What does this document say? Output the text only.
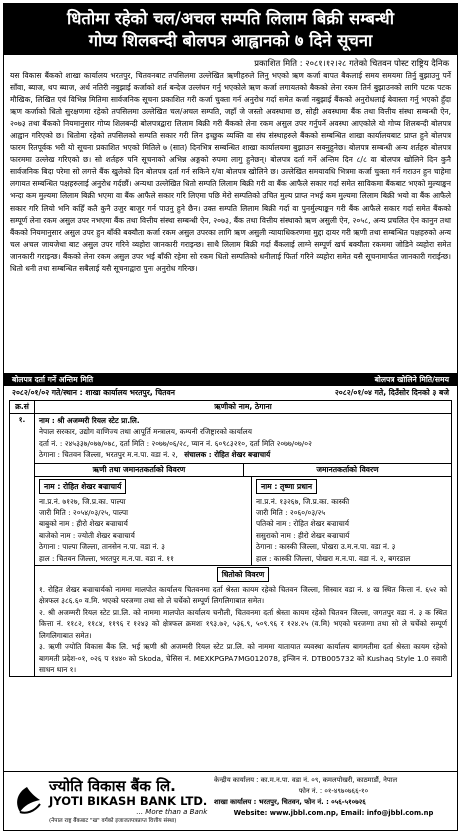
धितोमा रहेको चल/अचल सम्पति लिलाम बिक्री सम्बन्धी
गोप्य शिलबन्दी बोलपत्र आह्वानको ७ दिने सूचना
प्रकाशित मिति : २०८१।१२।२८ गतेको चितवन पोस्ट राष्ट्रिय दैनिक
यस विकास बैंकको शाखा कार्यालय भरतपुर, चितवनबाट तपसिलमा उल्लेखित ऋणीहरुले लिनु भएको ऋण कर्जा बापत बैकलाई समय समयमा तिर्नु बुझाउनु पर्ने साँवा, ब्याज, थप ब्याज, अर्थ नतिरी नबुझाई कर्जाको शर्त बन्देज उल्लंघन गर्नु भएकोले ऋण कर्जा लगायतको बैकको लेना रकम तिर्न बुझाउनको लागि पटक पटक मौखिक, लिखित एवं विभिन्न मितिमा सार्वजनिक सूचना प्रकाशित गरी कर्जा चुक्ता गर्न अनुरोध गर्दा समेत कर्जा नबुझाई बैंकको अनुरोधलाई बेवास्ता गर्नु भएको हुँदा ऋण कर्जाको धितो सुरक्षणमा रहेको तपसिलमा उल्लेखित चल/अचल सम्पति, जहाँ जे जस्तो अवस्थामा छ, सोही अवस्थामा बैंक तथा वित्तीय संस्था सम्बन्धी ऐन, २०७३ तथा बैंकको नियमानुसार गोप्य शिलबन्दी बोलपत्रद्वारा लिलाम बिक्री गरी बैंकको लेना रकम असुल उपर गर्नुपर्ने अवस्था आएकोले यो गोप्य शिलबन्दी बोलपत्र आह्वान गरिएको छ। धितोमा रहेको तपसिलको सम्पति सकार गरी लिन इच्छुक व्यक्ति वा संघ संस्थाहरुले बैंकको सम्बन्धित शाखा कार्यालयबाट प्राप्त हुने बोलपत्र फारम रितपूर्वक भरी यो सूचना प्रकाशित भएको मितिले ७ (सात) दिनभित्र सम्बन्धित शाखा कार्यालयमा बुझाउन सक्नुहुनेछ। बोलपत्र सम्बन्धी अन्य शर्तहरु बोलपत्र फारममा उल्लेख गरिएको छ। सो शर्तहरु पनि सूचनाको अभिन्न अङ्गको रुपमा लागु हुनेछन्। बोलपत्र दर्ता गर्ने अन्तिम दिन ८/८ वा बोलपत्र खोलिने दिन कुनै सार्वजनिक बिदा परेमा सो लगत्ते बैंक खुलेको दिन बोलपत्र दर्ता गर्न सकिने र/वा बोलपत्र खोलिने छ। उल्लेखित समयावधि भित्रमा कर्जा चुक्ता गर्न गराउन हुन चाहेमा लगायत सम्बन्धित पक्षहरुलाई अनुरोध गर्दछौं। अन्यथा उल्लेखित धितो सम्पति लिलाम बिक्री गरी वा बैंक आफैले सकार गर्दा समेत साविकमा बैंकबाट भएको मुल्याङ्कन भन्दा कम मुल्यमा लिलाम बिक्री भएमा वा बैंक आफैले सकार गरि लिएमा पछि मेरो सम्पतिको उचित मुल्य प्राप्त नभई कम मुल्यमा लिलाम बिक्री भयो वा बैंक आफैले सकार गरि लियो भनि कहिँ कतै कुनै उजुर बाजुर गर्न पाउनु हुने छैन। उक्त सम्पति लिलाम बिक्री गर्दा वा पुनर्मुल्याङ्कन गरी बैंक आफैले सकार गर्दा समेत बैंकको सम्पूर्ण लेना रकम असुल उपर नभएमा बैंक तथा वित्तीय संस्था सम्बन्धी ऐन, २०७३, बैंक तथा वित्तीय संस्थाको ऋण असुली ऐन, २०५८, अन्य प्रचलित ऐन कानुन तथा बैंकको नियमानुसार असुल उपर हुन बाँकी बक्यौता कर्जा रकम असुल उपरका लागि ऋण असुली न्यायाधिकरणमा मुद्दा दायर गरी ऋणी तथा सम्बन्धित पक्षहरुको अन्य चल अचल जायजेथा बाट असुल उपर गरिने व्यहोरा जानकारी गराइन्छ। साथै लिलाम बिक्री गर्दा बैंकलाई लाग्ने सम्पूर्ण खर्च बक्यौता रकममा जोडिने व्यहोरा समेत जानकारी गराइन्छ। बैंकको लेना रकम असुल उपर भई बाँकी रहेमा सो रकम धितो सम्पतिको धनीलाई फिर्ता गरिने व्यहोरा समेत यसै सूचनामार्फत जानकारी गराईन्छ। धितो धनी तथा सम्बन्धित सबैलाई यसै सूचनाद्वारा पुनः अनुरोध गरिन्छ।
बोलपत्र दर्ता गर्ने अन्तिम मिति	बोलपत्र खोलिने मिति/समय
२०८२/०१/०२ गते/स्थान : शाखा कार्यालय भरतपुर, चितवन	२०८२/०१/०४ गते, दिउँसोर दिनको ३ बजे
क्र.सं	ऋणीको नाम, ठेगाना
१.	नाम : श्री अजम्मरी रियल स्टेट प्रा.लि.
नेपाल सरकार, उद्योग वाणिज्य तथा आपूर्ति मन्त्रालय, कम्पनी रजिष्ट्रारको कार्यालय
दर्ता नं. : २४५३३७/०७७/०७८, दर्ता मिति : २०७७/०६/२८, प्यान नं. ६०९८३२१०, दर्ता मिति २०७७/०७/०२
ठेगाना : चितवन जिल्ला, भरतपुर म.न.पा. वडा नं. २, संचालक : रोहित शेखर बज्राचार्य
ऋणी तथा जमानतकर्ताको विवरण	जमानतकर्ताको विवरण
नाम : रोहित शेखर बज्राचार्य
ना.प्र.नं. ७१२७, जि.प्र.का. पाल्पा
जारी मिति : २०५४/०३/२५, पाल्पा
बाबुको नाम : हीरो शेखर बज्राचार्य
बाजेको नाम : ज्योती शेखर बज्राचार्य
ठेगाना : पाल्पा जिल्ला, तानसेन न.पा. वडा नं. ३
हाल : चितवन जिल्ला, भरतपुर म.न.पा. वडा नं. ११
नाम : तृष्णा प्रधान
ना.प्र.नं. १३२६७, जि.प्र.का. कास्की
जारी मिति : २०६०/०३/२५
पतिको नाम : रोहित शेखर बज्राचार्य
ससुराको नाम : हीरो शेखर बज्राचार्य
ठेगाना : कास्की जिल्ला, पोखरा उ.म.न.पा. वडा नं. ३
हाल : कास्की जिल्ला, पोखरा म.न.पा. वडा नं. २, बगरडाल
धितोको विवरण
१. रोहित शेखर बज्राचार्यको नाममा मालपोत कार्यालय चितवनमा दर्ता श्रेस्ता कायम रहेको चितवन जिल्ला, सिस्वार वडा नं. ४ ख स्थित कित्ता नं. ६५२ को क्षेत्रफल ३८६.६० व.मि. भएको घरजग्गा तथा सो ले चर्चेको सम्पूर्ण लिगलिगाबात समेत।
२. श्री अजम्मरी रियल स्टेट प्रा.लि. को नाममा मालपोत कार्यालय चनौली, चितवनमा दर्ता श्रेस्ता कायम रहेको चितवन जिल्ला, जगतपुर वडा नं. ३ क स्थित कित्ता नं. ११८२, ११८४, ११९६ र १२४३ को क्षेत्रफल क्रमशः १९३.७२, ५३६.९, ५०९.९६ र १२४.२५ (व.मि) भएको घरजग्गा तथा सो ले चर्चेको सम्पूर्ण लिगलिगाबात समेत।
३. ऋणी ज्योति विकास बैंक लि. भई ऋणी श्री अजम्मरी रियल स्टेट प्रा.लि. को नाममा यातायात व्यवस्था कार्यालय बागमतीमा दर्ता श्रेस्ता कायम रहेको बागमती प्रदेश-०१, ०२६ प १४४० को Skoda, चेसिस नं. MEXKPGPA7MG012078, इन्जिन नं. DTB005732 को Kushaq Style 1.0 सवारी साधन थान १।
ज्योति विकास बैंक लि.
JYOTI BIKASH BANK LTD.
... More than a Bank
(नेपाल राष्ट्र बैंकबाट "ख" वर्गको इजाजतपत्रप्राप्त वित्तीय संस्था)
केन्द्रीय कार्यालय : का.म.न.पा. वडा नं. ०९, कमलपोखरी, काठमाडौं, नेपाल
फोन नं. : ०१-४९७०७६६-१०
शाखा कार्यालय : भरतपुर, चितवन, फोन नं. : ०५६-५१०७२६
Website: www.jbbl.com.np, Email: info@jbbl.com.np
